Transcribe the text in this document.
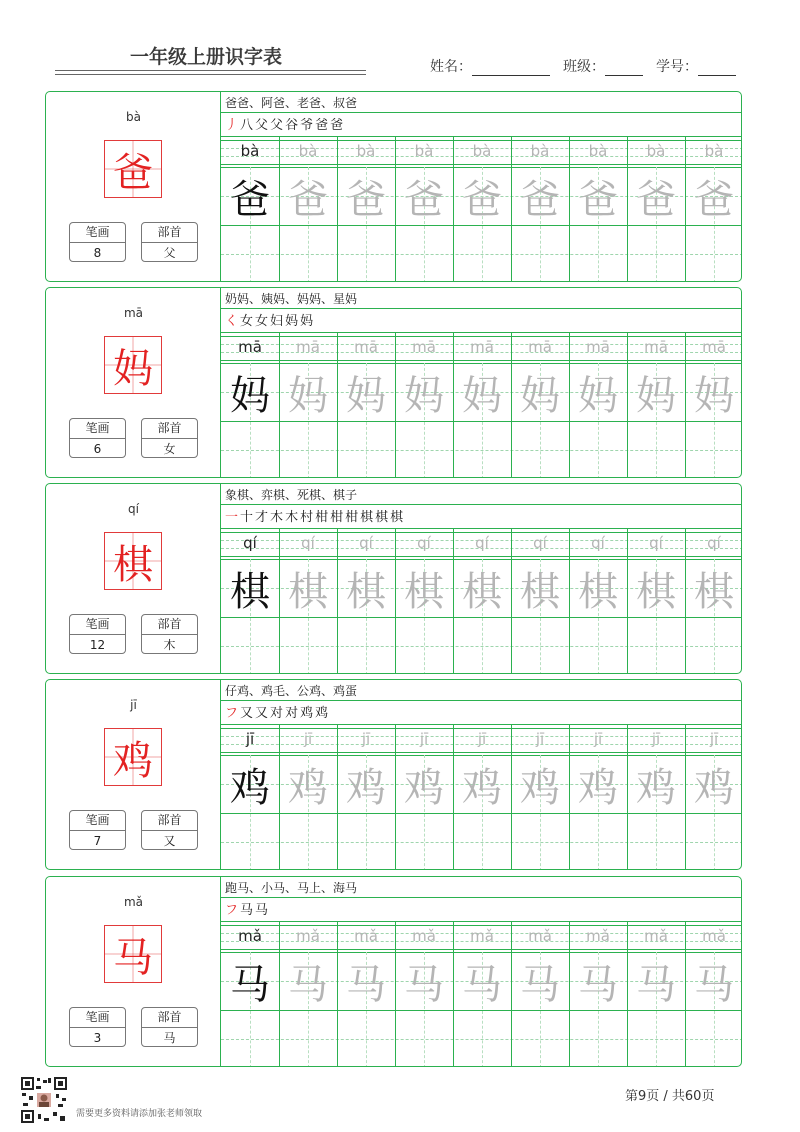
一年级上册识字表	姓名：	班级：	学号：
bà
爸
笔画
8
部首
父
爸爸、阿爸、老爸、叔爸
丿 八 父 父 谷 爷 爸 爸
bà	bà	bà	bà	bà	bà	bà	bà	bà
爸 爸 爸 爸 爸 爸 爸 爸 爸
mā
妈
笔画
6
部首
女
奶妈、姨妈、妈妈、星妈
く 女 女 妇 妈 妈
mā	mā	mā	mā	mā	mā	mā	mā	mā
妈 妈 妈 妈 妈 妈 妈 妈 妈
qí
棋
笔画
12
部首
木
象棋、弈棋、死棋、棋子
一 十 才 木 木 村 柑 柑 柑 棋 棋 棋
qí	qí	qí	qí	qí	qí	qí	qí	qí
棋 棋 棋 棋 棋 棋 棋 棋 棋
jī
鸡
笔画
7
部首
又
仔鸡、鸡毛、公鸡、鸡蛋
フ 又 又 对 对 鸡 鸡
jī	jī	jī	jī	jī	jī	jī	jī	jī
鸡 鸡 鸡 鸡 鸡 鸡 鸡 鸡 鸡
mǎ
马
笔画
3
部首
马
跑马、小马、马上、海马
フ 马 马
mǎ	mǎ	mǎ	mǎ	mǎ	mǎ	mǎ	mǎ	mǎ
马 马 马 马 马 马 马 马 马
第9页 / 共60页
需要更多资料请添加张老师领取
